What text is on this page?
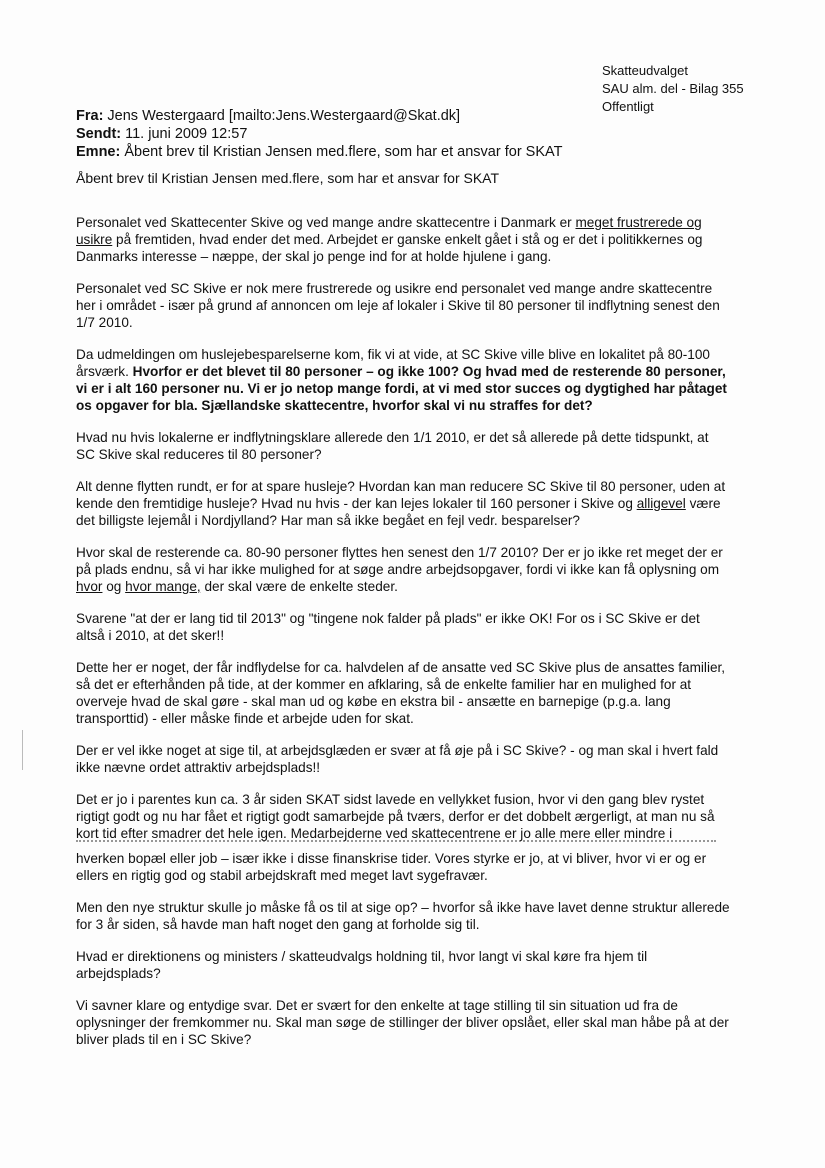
Skatteudvalget
SAU alm. del - Bilag 355
Offentligt
Fra: Jens Westergaard [mailto:Jens.Westergaard@Skat.dk]
Sendt: 11. juni 2009 12:57
Emne: Åbent brev til Kristian Jensen med.flere, som har et ansvar for SKAT

Åbent brev til Kristian Jensen med.flere, som har et ansvar for SKAT

Personalet ved Skattecenter Skive og ved mange andre skattecentre i Danmark er meget frustrerede og usikre på fremtiden, hvad ender det med. Arbejdet er ganske enkelt gået i stå og er det i politikkernes og Danmarks interesse – næppe, der skal jo penge ind for at holde hjulene i gang.

Personalet ved SC Skive er nok mere frustrerede og usikre end personalet ved mange andre skattecentre her i området - især på grund af annoncen om leje af lokaler i Skive til 80 personer til indflytning senest den 1/7 2010.

Da udmeldingen om huslejebesparelserne kom, fik vi at vide, at SC Skive ville blive en lokalitet på 80-100 årsværk. Hvorfor er det blevet til 80 personer – og ikke 100? Og hvad med de resterende 80 personer, vi er i alt 160 personer nu. Vi er jo netop mange fordi, at vi med stor succes og dygtighed har påtaget os opgaver for bla. Sjællandske skattecentre, hvorfor skal vi nu straffes for det?

Hvad nu hvis lokalerne er indflytningsklare allerede den 1/1 2010, er det så allerede på dette tidspunkt, at SC Skive skal reduceres til 80 personer?

Alt denne flytten rundt, er for at spare husleje? Hvordan kan man reducere SC Skive til 80 personer, uden at kende den fremtidige husleje? Hvad nu hvis - der kan lejes lokaler til 160 personer i Skive og alligevel være det billigste lejemål i Nordjylland? Har man så ikke begået en fejl vedr. besparelser?

Hvor skal de resterende ca. 80-90 personer flyttes hen senest den 1/7 2010? Der er jo ikke ret meget der er på plads endnu, så vi har ikke mulighed for at søge andre arbejdsopgaver, fordi vi ikke kan få oplysning om hvor og hvor mange, der skal være de enkelte steder.

Svarene "at der er lang tid til 2013" og "tingene nok falder på plads" er ikke OK! For os i SC Skive er det altså i 2010, at det sker!!

Dette her er noget, der får indflydelse for ca. halvdelen af de ansatte ved SC Skive plus de ansattes familier, så det er efterhånden på tide, at der kommer en afklaring, så de enkelte familier har en mulighed for at overveje hvad de skal gøre - skal man ud og købe en ekstra bil - ansætte en barnepige (p.g.a. lang transporttid) - eller måske finde et arbejde uden for skat.

Der er vel ikke noget at sige til, at arbejdsglæden er svær at få øje på i SC Skive? - og man skal i hvert fald ikke nævne ordet attraktiv arbejdsplads!!

Det er jo i parentes kun ca. 3 år siden SKAT sidst lavede en vellykket fusion, hvor vi den gang blev rystet rigtigt godt og nu har fået et rigtigt godt samarbejde på tværs, derfor er det dobbelt ærgerligt, at man nu så kort tid efter smadrer det hele igen. Medarbejderne ved skattecentrene er jo alle mere eller mindre i
hverken bopæl eller job – især ikke i disse finanskrise tider. Vores styrke er jo, at vi bliver, hvor vi er og er ellers en rigtig god og stabil arbejdskraft med meget lavt sygefravær.

Men den nye struktur skulle jo måske få os til at sige op? – hvorfor så ikke have lavet denne struktur allerede for 3 år siden, så havde man haft noget den gang at forholde sig til.

Hvad er direktionens og ministers / skatteudvalgs holdning til, hvor langt vi skal køre fra hjem til arbejdsplads?

Vi savner klare og entydige svar. Det er svært for den enkelte at tage stilling til sin situation ud fra de oplysninger der fremkommer nu. Skal man søge de stillinger der bliver opslået, eller skal man håbe på at der bliver plads til en i SC Skive?
